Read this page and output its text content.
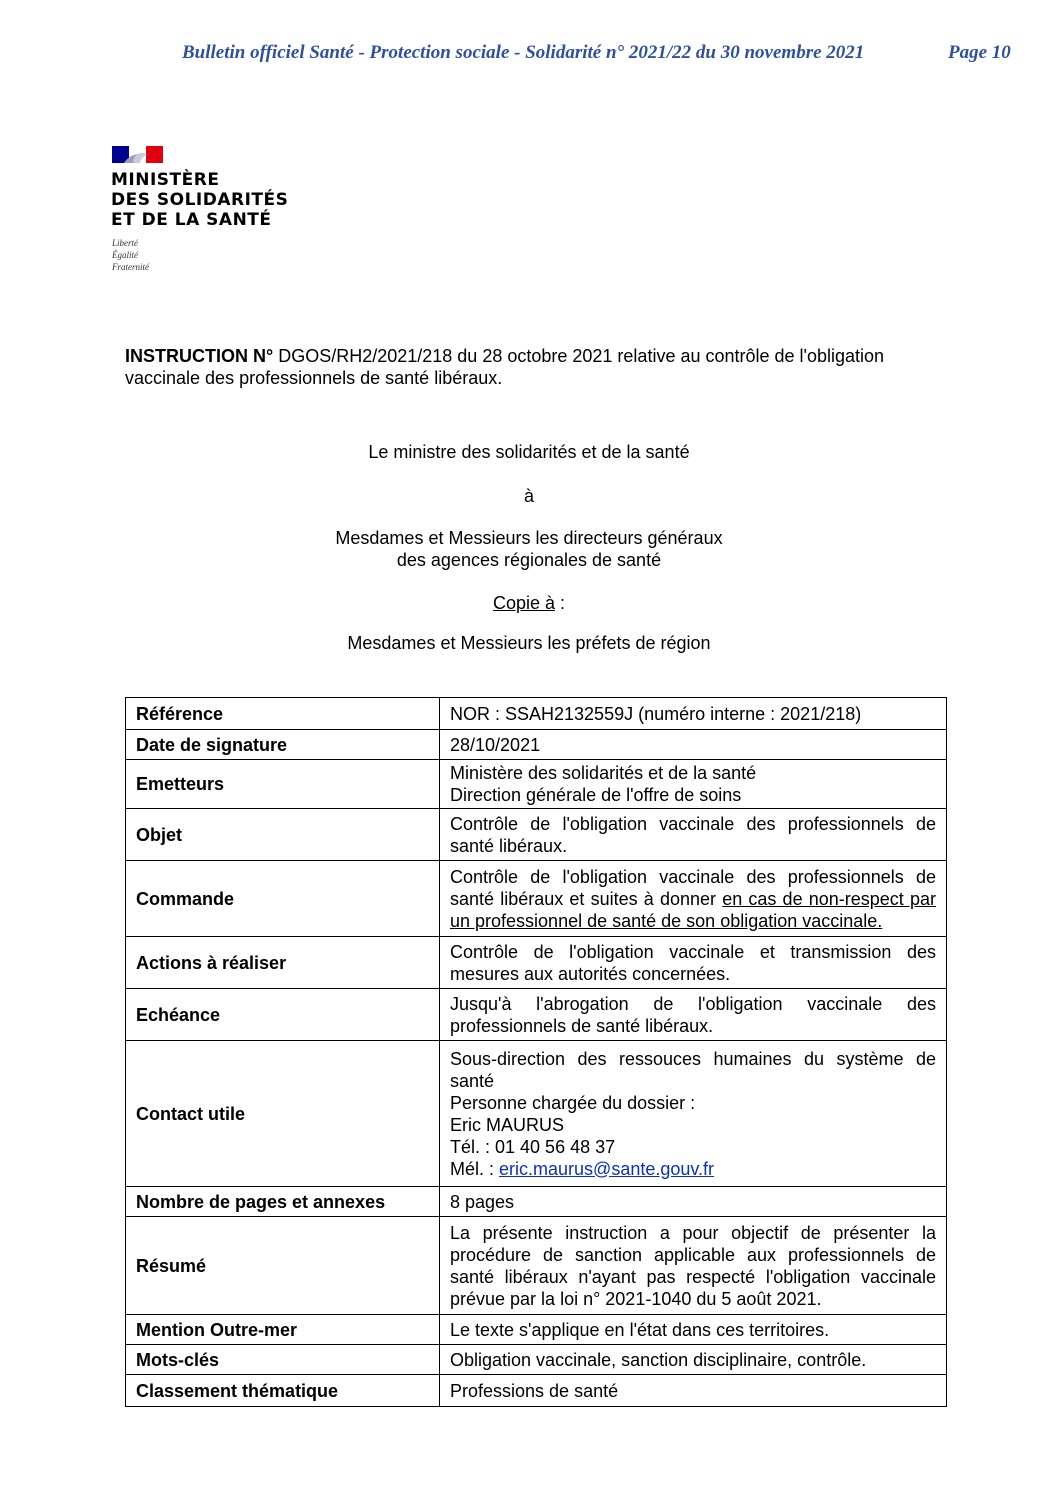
Bulletin officiel Santé - Protection sociale - Solidarité n° 2021/22 du 30 novembre 2021	Page 10
MINISTÈRE
DES SOLIDARITÉS
ET DE LA SANTÉ
Liberté
Égalité
Fraternité
INSTRUCTION N° DGOS/RH2/2021/218 du 28 octobre 2021 relative au contrôle de l'obligation
vaccinale des professionnels de santé libéraux.
Le ministre des solidarités et de la santé
à
Mesdames et Messieurs les directeurs généraux
des agences régionales de santé
Copie à :
Mesdames et Messieurs les préfets de région
Référence	NOR : SSAH2132559J (numéro interne : 2021/218)
Date de signature	28/10/2021
Emetteurs	Ministère des solidarités et de la santé
Direction générale de l'offre de soins

Objet	Contrôle de l'obligation vaccinale des professionnels de santé libéraux.
Commande	Contrôle de l'obligation vaccinale des professionnels de santé libéraux et suites à donner en cas de non-respect par un professionnel de santé de son obligation vaccinale.
Actions à réaliser	Contrôle de l'obligation vaccinale et transmission des mesures aux autorités concernées.
Echéance	Jusqu'à l'abrogation de l'obligation vaccinale des professionnels de santé libéraux.
Contact utile	Sous-direction des ressouces humaines du système de santé
Personne chargée du dossier :
Eric MAURUS
Tél. : 01 40 56 48 37
Mél. : eric.maurus@sante.gouv.fr

Nombre de pages et annexes	8 pages
Résumé	La présente instruction a pour objectif de présenter la procédure de sanction applicable aux professionnels de santé libéraux n'ayant pas respecté l'obligation vaccinale prévue par la loi n° 2021-1040 du 5 août 2021.
Mention Outre-mer	Le texte s'applique en l'état dans ces territoires.
Mots-clés	Obligation vaccinale, sanction disciplinaire, contrôle.
Classement thématique	Professions de santé
